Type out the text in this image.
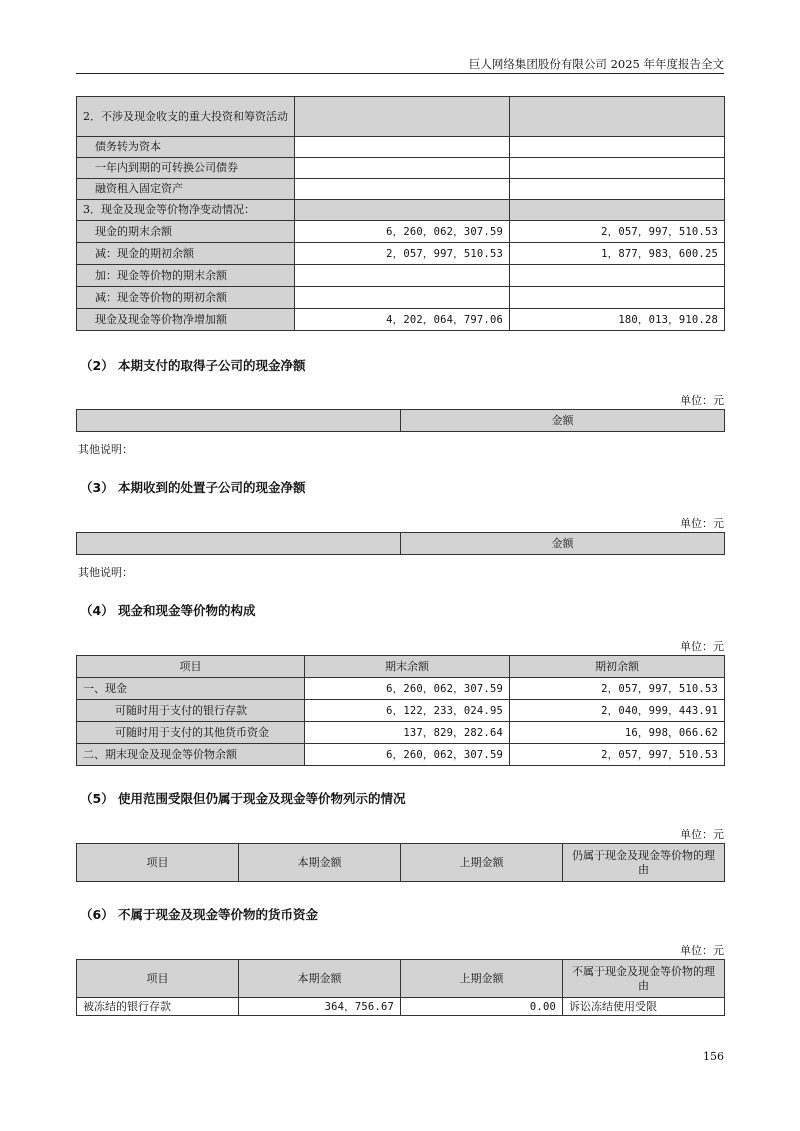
巨人网络集团股份有限公司 2025 年年度报告全文
2．不涉及现金收支的重大投资和筹资活动		
债务转为资本		
一年内到期的可转换公司债券		
融资租入固定资产		
3．现金及现金等价物净变动情况：		
现金的期末余额	6，260，062，307.59	2，057，997，510.53
减：现金的期初余额	2，057，997，510.53	1，877，983，600.25
加：现金等价物的期末余额		
减：现金等价物的期初余额		
现金及现金等价物净增加额	4，202，064，797.06	180，013，910.28
（2） 本期支付的取得子公司的现金净额
单位：元
	金额
其他说明：
（3） 本期收到的处置子公司的现金净额
单位：元
	金额
其他说明：
（4） 现金和现金等价物的构成
单位：元
项目	期末余额	期初余额
一、现金	6，260，062，307.59	2，057，997，510.53
可随时用于支付的银行存款	6，122，233，024.95	2，040，999，443.91
可随时用于支付的其他货币资金	137，829，282.64	16，998，066.62
二、期末现金及现金等价物余额	6，260，062，307.59	2，057，997，510.53
（5） 使用范围受限但仍属于现金及现金等价物列示的情况
单位：元
项目	本期金额	上期金额	仍属于现金及现金等价物的理由
（6） 不属于现金及现金等价物的货币资金
单位：元
项目	本期金额	上期金额	不属于现金及现金等价物的理由
被冻结的银行存款	364，756.67	0.00	诉讼冻结使用受限
156
